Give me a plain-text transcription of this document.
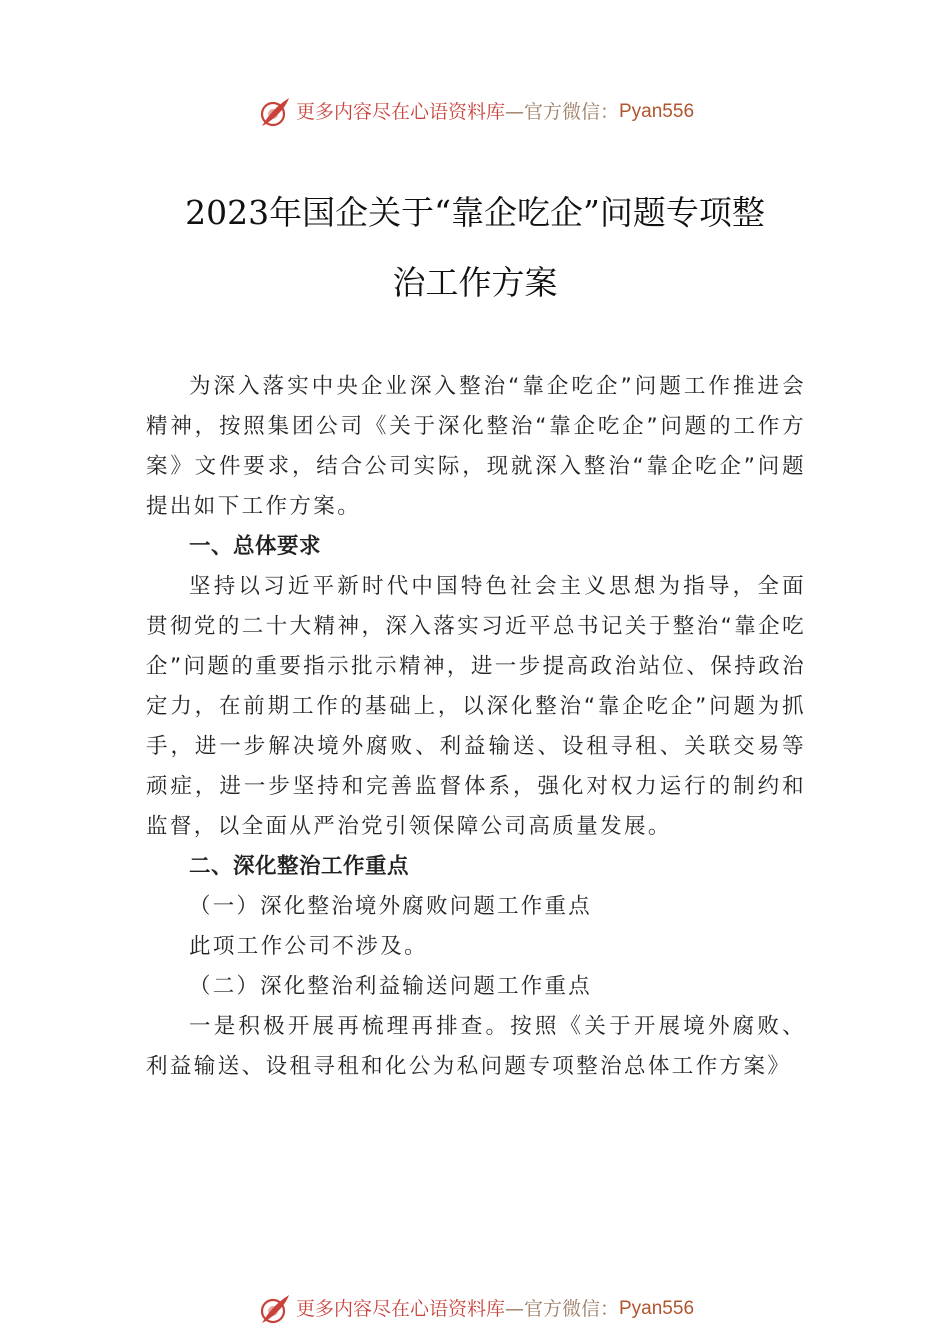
更多内容尽在心语资料库 — 官方微信： Pyan556
2023年国企关于“靠企吃企”问题专项整
治工作方案

为深入落实中央企业深入整治“靠企吃企”问题工作推进会精神，按照集团公司《关于深化整治“靠企吃企”问题的工作方案》文件要求，结合公司实际，现就深入整治“靠企吃企”问题提出如下工作方案。

一、总体要求

坚持以习近平新时代中国特色社会主义思想为指导，全面贯彻党的二十大精神，深入落实习近平总书记关于整治“靠企吃企”问题的重要指示批示精神，进一步提高政治站位、保持政治定力，在前期工作的基础上，以深化整治“靠企吃企”问题为抓手，进一步解决境外腐败、利益输送、设租寻租、关联交易等顽症，进一步坚持和完善监督体系，强化对权力运行的制约和监督，以全面从严治党引领保障公司高质量发展。

二、深化整治工作重点

（一）深化整治境外腐败问题工作重点

此项工作公司不涉及。

（二）深化整治利益输送问题工作重点

一是积极开展再梳理再排查。按照《关于开展境外腐败、利益输送、设租寻租和化公为私问题专项整治总体工作方案》

更多内容尽在心语资料库 — 官方微信： Pyan556
